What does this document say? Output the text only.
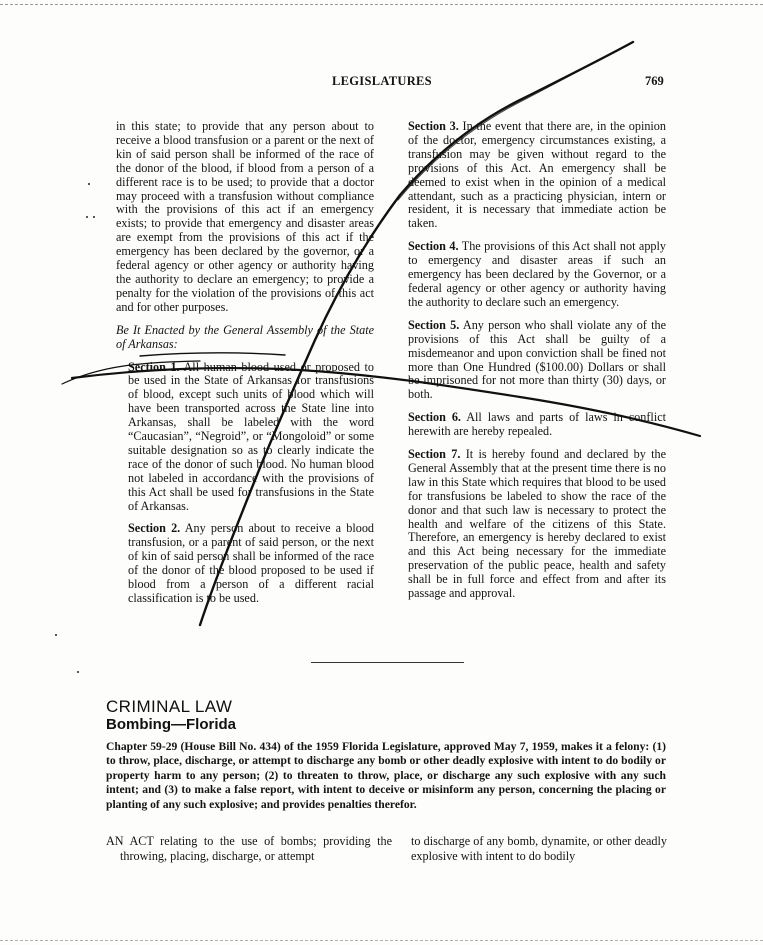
LEGISLATURES	769

in this state; to provide that any person about to receive a blood transfusion or a parent or the next of kin of said person shall be informed of the race of the donor of the blood, if blood from a person of a different race is to be used; to provide that a doctor may proceed with a transfusion without compliance with the provisions of this act if an emergency exists; to provide that emergency and disaster areas are exempt from the provisions of this act if the emergency has been declared by the governor, or a federal agency or other agency or authority having the authority to declare an emergency; to provide a penalty for the violation of the provisions of this act and for other purposes.

Be It Enacted by the General Assembly of the State of Arkansas:

Section 1. All human blood used or proposed to be used in the State of Arkansas for transfusions of blood, except such units of blood which will have been transported across the State line into Arkansas, shall be labeled with the word “Caucasian”, “Negroid”, or “Mongoloid” or some suitable designation so as to clearly indicate the race of the donor of such blood. No human blood not labeled in accordance with the provisions of this Act shall be used for transfusions in the State of Arkansas.

Section 2. Any person about to receive a blood transfusion, or a parent of said person, or the next of kin of said person shall be informed of the race of the donor of the blood proposed to be used if blood from a person of a different racial classification is to be used.

Section 3. In the event that there are, in the opinion of the doctor, emergency circumstances existing, a transfusion may be given without regard to the provisions of this Act. An emergency shall be deemed to exist when in the opinion of a medical attendant, such as a practicing physician, intern or resident, it is necessary that immediate action be taken.

Section 4. The provisions of this Act shall not apply to emergency and disaster areas if such an emergency has been declared by the Governor, or a federal agency or other agency or authority having the authority to declare such an emergency.

Section 5. Any person who shall violate any of the provisions of this Act shall be guilty of a misdemeanor and upon conviction shall be fined not more than One Hundred ($100.00) Dollars or shall be imprisoned for not more than thirty (30) days, or both.

Section 6. All laws and parts of laws in conflict herewith are hereby repealed.

Section 7. It is hereby found and declared by the General Assembly that at the present time there is no law in this State which requires that blood to be used for transfusions be labeled to show the race of the donor and that such law is necessary to protect the health and welfare of the citizens of this State. Therefore, an emergency is hereby declared to exist and this Act being necessary for the immediate preservation of the public peace, health and safety shall be in full force and effect from and after its passage and approval.

CRIMINAL LAW
Bombing—Florida
Chapter 59-29 (House Bill No. 434) of the 1959 Florida Legislature, approved May 7, 1959, makes it a felony: (1) to throw, place, discharge, or attempt to discharge any bomb or other deadly explosive with intent to do bodily or property harm to any person; (2) to threaten to throw, place, or discharge any such explosive with any such intent; and (3) to make a false report, with intent to deceive or misinform any person, concerning the placing or planting of any such explosive; and provides penalties therefor.
AN ACT relating to the use of bombs; providing the throwing, placing, discharge, or attempt
to discharge of any bomb, dynamite, or other deadly explosive with intent to do bodily
